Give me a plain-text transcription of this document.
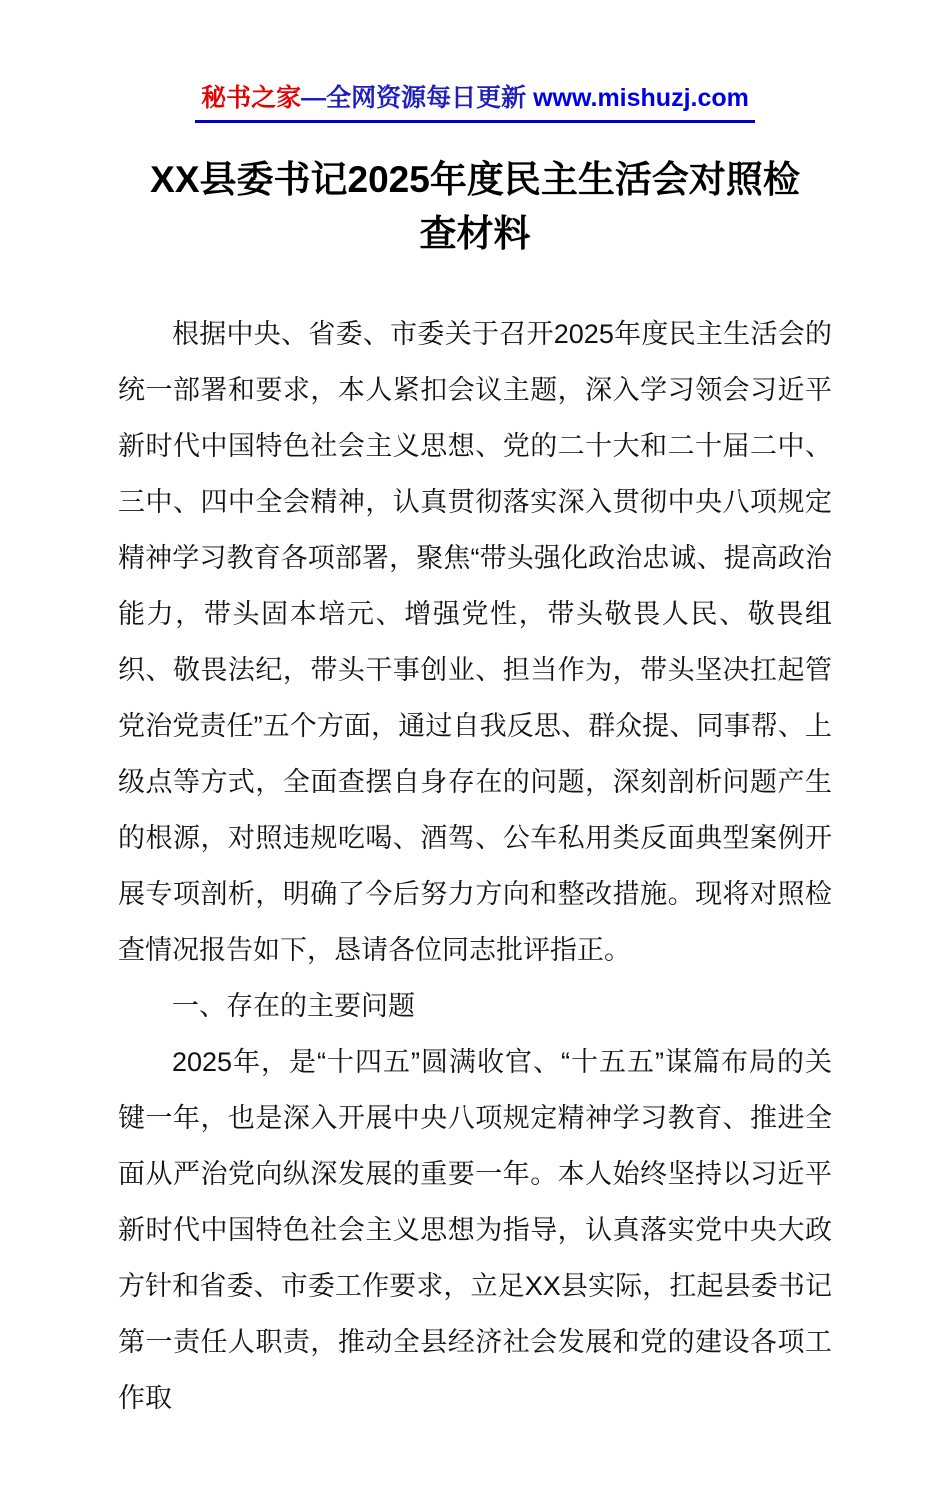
秘书之家—全网资源每日更新 www.mishuzj.com
XX县委书记2025年度民主生活会对照检查材料

根据中央、省委、市委关于召开2025年度民主生活会的统一部署和要求，本人紧扣会议主题，深入学习领会习近平新时代中国特色社会主义思想、党的二十大和二十届二中、三中、四中全会精神，认真贯彻落实深入贯彻中央八项规定精神学习教育各项部署，聚焦“带头强化政治忠诚、提高政治能力，带头固本培元、增强党性，带头敬畏人民、敬畏组织、敬畏法纪，带头干事创业、担当作为，带头坚决扛起管党治党责任”五个方面，通过自我反思、群众提、同事帮、上级点等方式，全面查摆自身存在的问题，深刻剖析问题产生的根源，对照违规吃喝、酒驾、公车私用类反面典型案例开展专项剖析，明确了今后努力方向和整改措施。现将对照检查情况报告如下，恳请各位同志批评指正。

一、存在的主要问题

2025年，是“十四五”圆满收官、“十五五”谋篇布局的关键一年，也是深入开展中央八项规定精神学习教育、推进全面从严治党向纵深发展的重要一年。本人始终坚持以习近平新时代中国特色社会主义思想为指导，认真落实党中央大政方针和省委、市委工作要求，立足XX县实际，扛起县委书记第一责任人职责，推动全县经济社会发展和党的建设各项工作取
